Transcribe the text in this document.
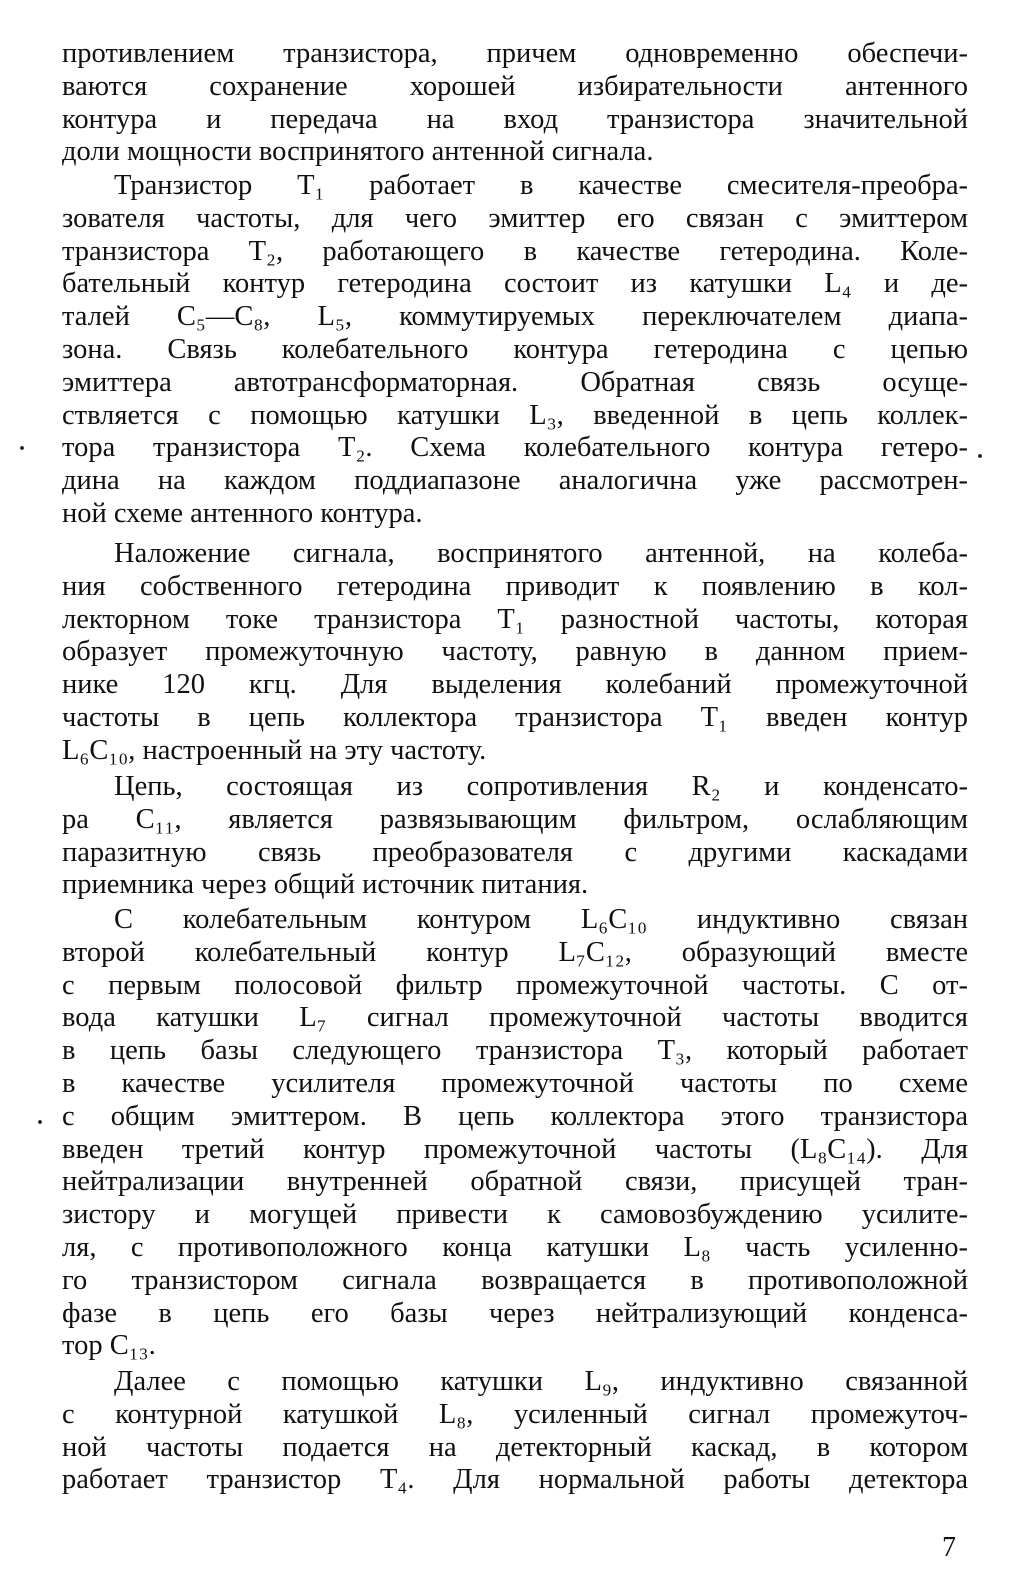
противлением транзистора, причем одновременно обеспечи-
ваются сохранение хорошей избирательности антенного
контура и передача на вход транзистора значительной
доли мощности воспринятого антенной сигнала.
Транзистор T₁ работает в качестве смесителя-преобра-
зователя частоты, для чего эмиттер его связан с эмиттером
транзистора T₂, работающего в качестве гетеродина. Коле-
бательный контур гетеродина состоит из катушки L₄ и де-
талей C₅—C₈, L₅, коммутируемых переключателем диапа-
зона. Связь колебательного контура гетеродина с цепью
эмиттера автотрансформаторная. Обратная связь осуще-
ствляется с помощью катушки L₃, введенной в цепь коллек-
тора транзистора T₂. Схема колебательного контура гетеро-
дина на каждом поддиапазоне аналогична уже рассмотрен-
ной схеме антенного контура.
Наложение сигнала, воспринятого антенной, на колеба-
ния собственного гетеродина приводит к появлению в кол-
лекторном токе транзистора T₁ разностной частоты, которая
образует промежуточную частоту, равную в данном прием-
нике 120 кгц. Для выделения колебаний промежуточной
частоты в цепь коллектора транзистора T₁ введен контур
L₆C₁₀, настроенный на эту частоту.
Цепь, состоящая из сопротивления R₂ и конденсато-
ра C₁₁, является развязывающим фильтром, ослабляющим
паразитную связь преобразователя с другими каскадами
приемника через общий источник питания.
С колебательным контуром L₆C₁₀ индуктивно связан
второй колебательный контур L₇C₁₂, образующий вместе
с первым полосовой фильтр промежуточной частоты. С от-
вода катушки L₇ сигнал промежуточной частоты вводится
в цепь базы следующего транзистора T₃, который работает
в качестве усилителя промежуточной частоты по схеме
с общим эмиттером. В цепь коллектора этого транзистора
введен третий контур промежуточной частоты (L₈C₁₄). Для
нейтрализации внутренней обратной связи, присущей тран-
зистору и могущей привести к самовозбуждению усилите-
ля, с противоположного конца катушки L₈ часть усиленно-
го транзистором сигнала возвращается в противоположной
фазе в цепь его базы через нейтрализующий конденса-
тор C₁₃.
Далее с помощью катушки L₉, индуктивно связанной
с контурной катушкой L₈, усиленный сигнал промежуточ-
ной частоты подается на детекторный каскад, в котором
работает транзистор T₄. Для нормальной работы детектора
7
·	·
·
